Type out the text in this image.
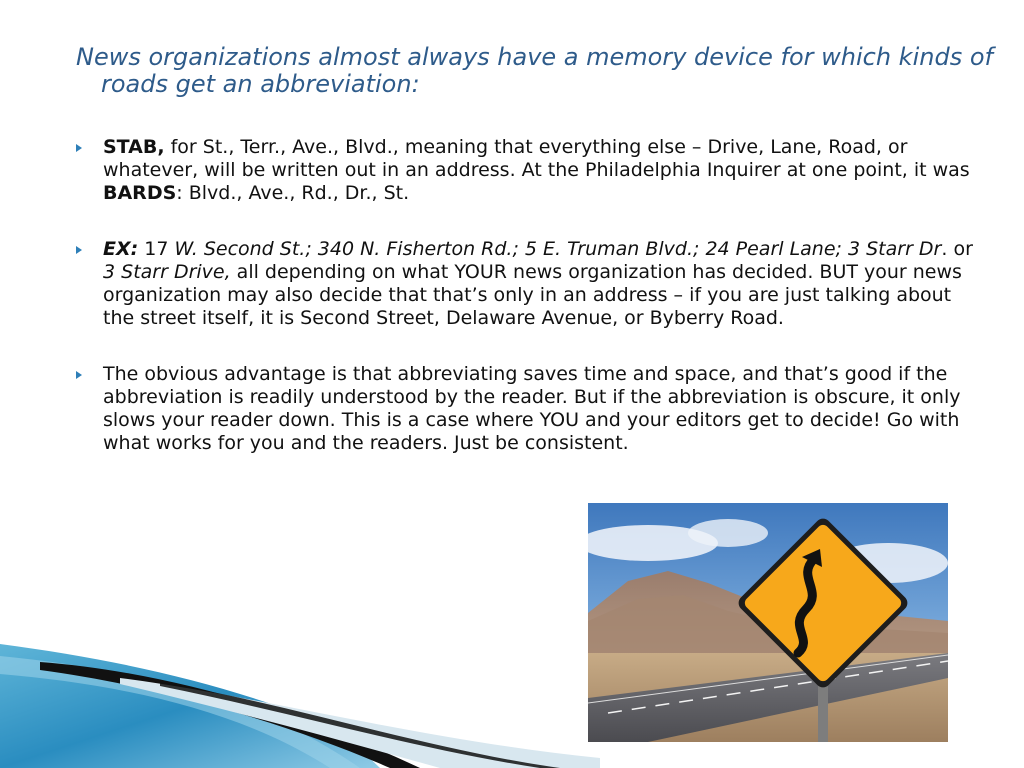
News organizations almost always have a memory device for which kinds of roads get an abbreviation:
STAB, for St., Terr., Ave., Blvd., meaning that everything else – Drive, Lane, Road, or whatever, will be written out in an address. At the Philadelphia Inquirer at one point, it was BARDS: Blvd., Ave., Rd., Dr., St.
EX: 17 W. Second St.; 340 N. Fisherton Rd.; 5 E. Truman Blvd.; 24 Pearl Lane; 3 Starr Dr. or 3 Starr Drive, all depending on what YOUR news organization has decided. BUT your news organization may also decide that that’s only in an address – if you are just talking about the street itself, it is Second Street, Delaware Avenue, or Byberry Road.
The obvious advantage is that abbreviating saves time and space, and that’s good if the abbreviation is readily understood by the reader. But if the abbreviation is obscure, it only slows your reader down. This is a case where YOU and your editors get to decide! Go with what works for you and the readers. Just be consistent.
